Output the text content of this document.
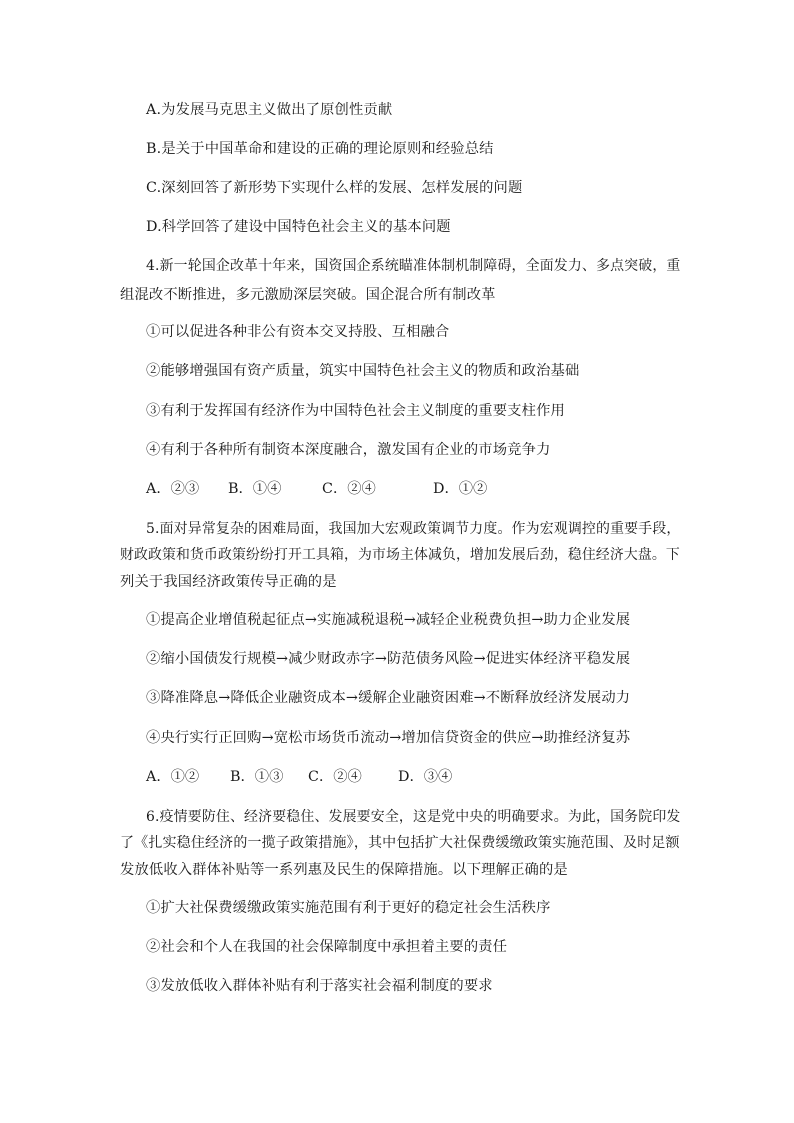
A.为发展马克思主义做出了原创性贡献

B.是关于中国革命和建设的正确的理论原则和经验总结

C.深刻回答了新形势下实现什么样的发展、怎样发展的问题

D.科学回答了建设中国特色社会主义的基本问题

4.新一轮国企改革十年来，国资国企系统瞄准体制机制障碍，全面发力、多点突破，重

组混改不断推进，多元激励深层突破。国企混合所有制改革

①可以促进各种非公有资本交叉持股、互相融合

②能够增强国有资产质量，筑实中国特色社会主义的物质和政治基础

③有利于发挥国有经济作为中国特色社会主义制度的重要支柱作用

④有利于各种所有制资本深度融合，激发国有企业的市场竞争力

A．②③ B．①④	C．②④	D．①②

5.面对异常复杂的困难局面，我国加大宏观政策调节力度。作为宏观调控的重要手段，

财政政策和货币政策纷纷打开工具箱，为市场主体减负，增加发展后劲，稳住经济大盘。下

列关于我国经济政策传导正确的是

①提高企业增值税起征点→实施减税退税→减轻企业税费负担→助力企业发展

②缩小国债发行规模→减少财政赤字→防范债务风险→促进实体经济平稳发展

③降准降息→降低企业融资成本→缓解企业融资困难→不断释放经济发展动力

④央行实行正回购→宽松市场货币流动→增加信贷资金的供应→助推经济复苏

A．①② B．①③ C．②④	D．③④

6.疫情要防住、经济要稳住、发展要安全，这是党中央的明确要求。为此，国务院印发

了《扎实稳住经济的一揽子政策措施》，其中包括扩大社保费缓缴政策实施范围、及时足额

发放低收入群体补贴等一系列惠及民生的保障措施。以下理解正确的是

①扩大社保费缓缴政策实施范围有利于更好的稳定社会生活秩序

②社会和个人在我国的社会保障制度中承担着主要的责任

③发放低收入群体补贴有利于落实社会福利制度的要求
